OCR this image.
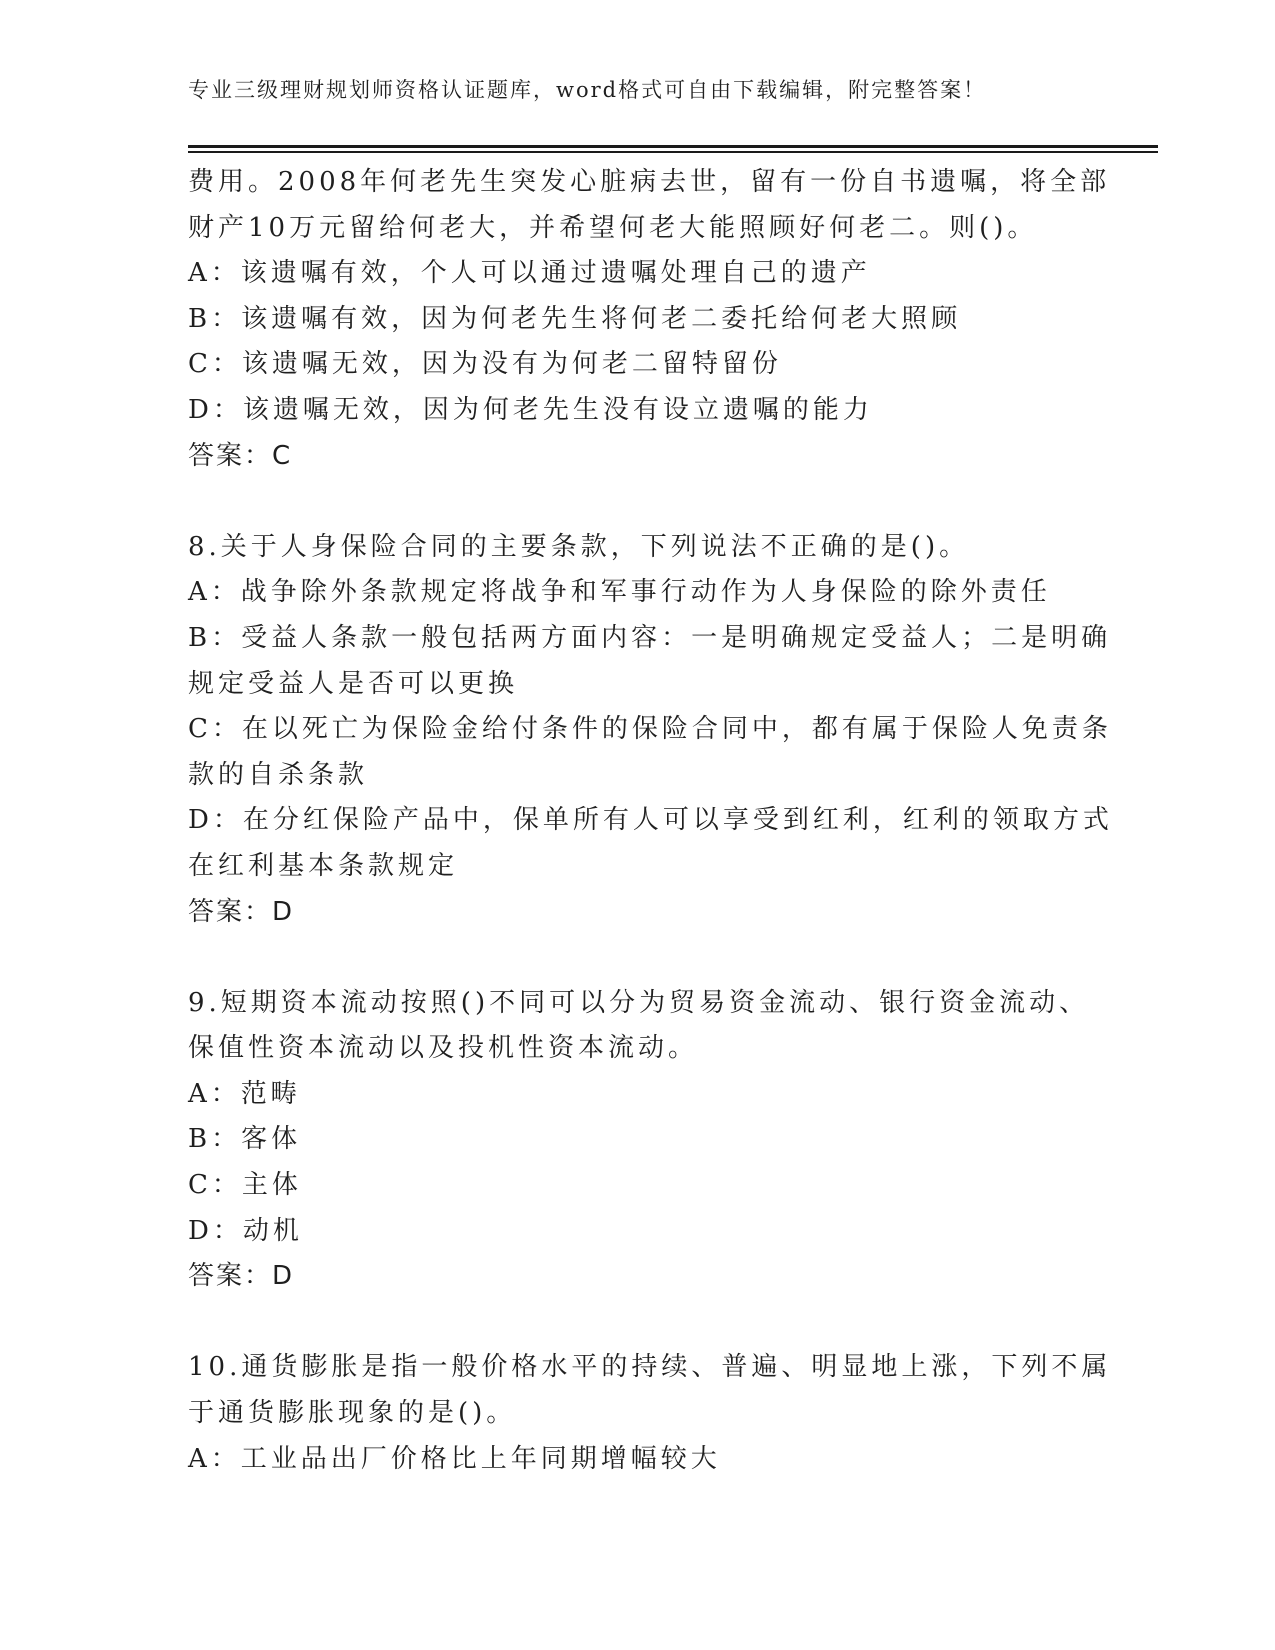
专业三级理财规划师资格认证题库，word格式可自由下载编辑，附完整答案！
费用。2008年何老先生突发心脏病去世，留有一份自书遗嘱，将全部
财产10万元留给何老大，并希望何老大能照顾好何老二。则()。
A：该遗嘱有效，个人可以通过遗嘱处理自己的遗产
B：该遗嘱有效，因为何老先生将何老二委托给何老大照顾
C：该遗嘱无效，因为没有为何老二留特留份
D：该遗嘱无效，因为何老先生没有设立遗嘱的能力
答案：C
8.关于人身保险合同的主要条款，下列说法不正确的是()。
A：战争除外条款规定将战争和军事行动作为人身保险的除外责任
B：受益人条款一般包括两方面内容：一是明确规定受益人；二是明确
规定受益人是否可以更换
C：在以死亡为保险金给付条件的保险合同中，都有属于保险人免责条
款的自杀条款
D：在分红保险产品中，保单所有人可以享受到红利，红利的领取方式
在红利基本条款规定
答案：D
9.短期资本流动按照()不同可以分为贸易资金流动、银行资金流动、
保值性资本流动以及投机性资本流动。
A：范畴
B：客体
C：主体
D：动机
答案：D
10.通货膨胀是指一般价格水平的持续、普遍、明显地上涨，下列不属
于通货膨胀现象的是()。
A：工业品出厂价格比上年同期增幅较大
